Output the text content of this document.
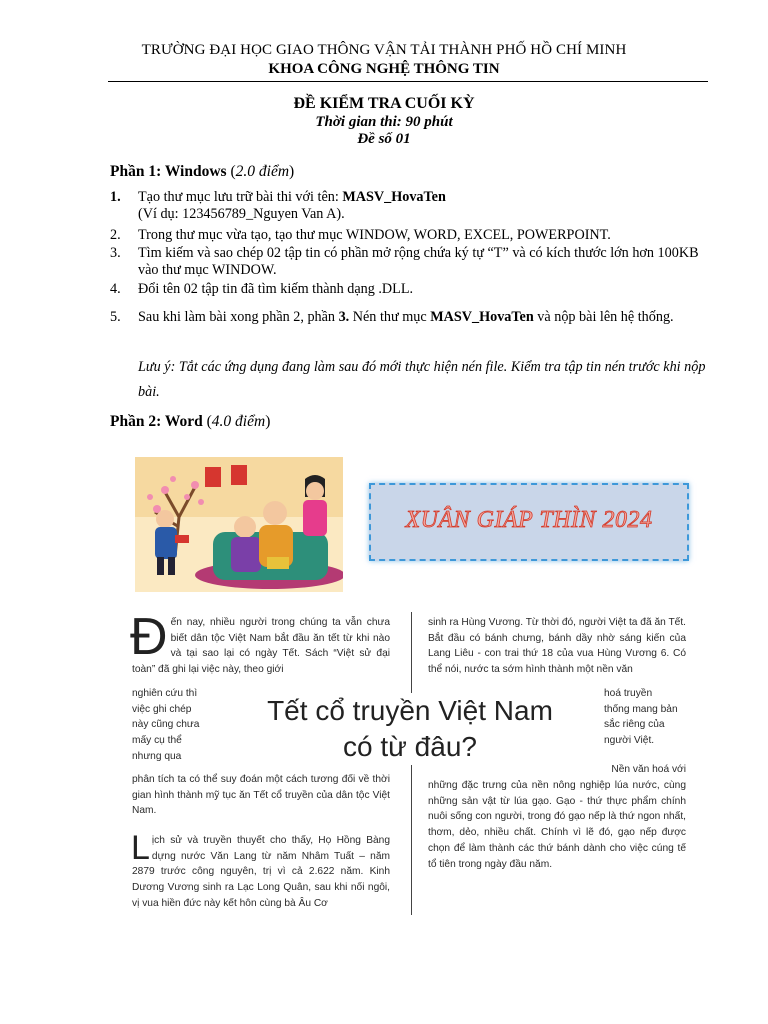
TRƯỜNG ĐẠI HỌC GIAO THÔNG VẬN TẢI THÀNH PHỐ HỒ CHÍ MINH
KHOA CÔNG NGHỆ THÔNG TIN
ĐỀ KIỂM TRA CUỐI KỲ
Thời gian thi: 90 phút
Đề số 01
Phần 1: Windows (2.0 điểm)
1. Tạo thư mục lưu trữ bài thi với tên: MASV_HovaTen
(Ví dụ: 123456789_Nguyen Van A).
2. Trong thư mục vừa tạo, tạo thư mục WINDOW, WORD, EXCEL, POWERPOINT.
3. Tìm kiếm và sao chép 02 tập tin có phần mở rộng chứa ký tự “T” và có kích thước lớn hơn 100KB vào thư mục WINDOW.
4. Đổi tên 02 tập tin đã tìm kiếm thành dạng .DLL.
5. Sau khi làm bài xong phần 2, phần 3. Nén thư mục MASV_HovaTen và nộp bài lên hệ thống.
Lưu ý: Tắt các ứng dụng đang làm sau đó mới thực hiện nén file. Kiểm tra tập tin nén trước khi nộp bài.
Phần 2: Word (4.0 điểm)
XUÂN GIÁP THÌN 2024
Đến nay, nhiều người trong chúng ta vẫn chưa biết dân tộc Việt Nam bắt đầu ăn tết từ khi nào và tại sao lại có ngày Tết. Sách “Việt sử đại toàn” đã ghi lại việc này, theo giới
nghiên cứu thì
việc ghi chép
này cũng chưa
mấy cụ thể
nhưng qua
phân tích ta có thể suy đoán một cách tương đối về thời gian hình thành mỹ tục ăn Tết cổ truyền của dân tộc Việt Nam.
Lịch sử và truyền thuyết cho thấy, Họ Hồng Bàng dựng nước Văn Lang từ năm Nhâm Tuất – năm 2879 trước công nguyên, trị vì cả 2.622 năm. Kinh Dương Vương sinh ra Lạc Long Quân, sau khi nối ngôi, vị vua hiền đức này kết hôn cùng bà Âu Cơ
sinh ra Hùng Vương. Từ thời đó, người Việt ta đã ăn Tết. Bắt đầu có bánh chưng, bánh dầy nhờ sáng kiến của Lang Liêu - con trai thứ 18 của vua Hùng Vương 6. Có thể nói, nước ta sớm hình thành một nền văn
hoá truyền
thống mang bản
sắc riêng của
người Việt.
Nền văn hoá với
những đặc trưng của nền nông nghiệp lúa nước, cùng những sản vật từ lúa gạo. Gạo - thứ thực phẩm chính nuôi sống con người, trong đó gạo nếp là thứ ngon nhất, thơm, dẻo, nhiều chất. Chính vì lẽ đó, gạo nếp được chọn để làm thành các thứ bánh dành cho việc cúng tế tổ tiên trong ngày đầu năm.
Tết cổ truyền Việt Nam
có từ đâu?
